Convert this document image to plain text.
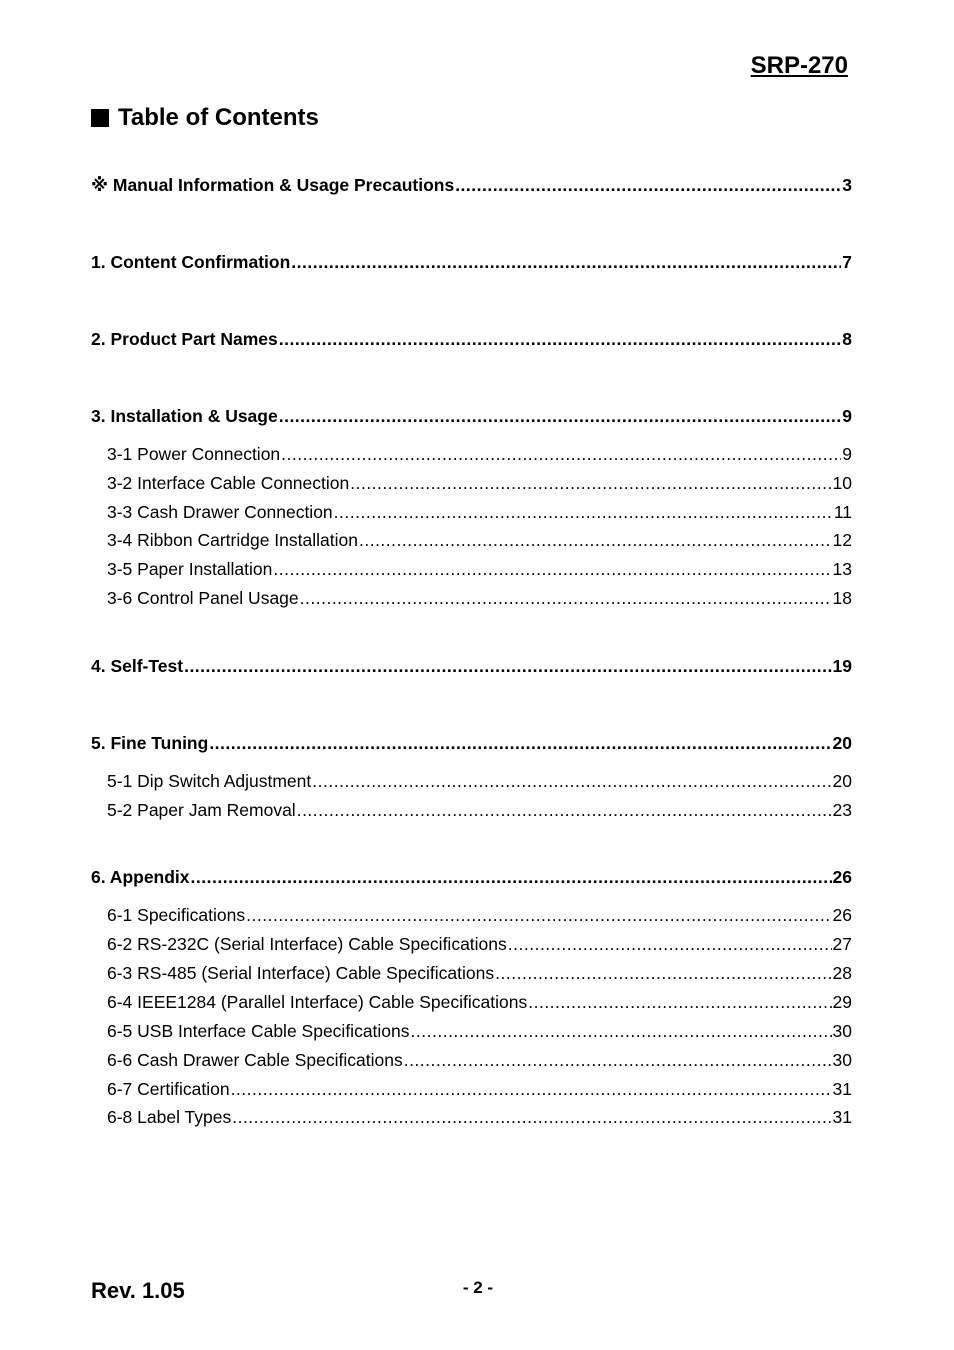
SRP-270
Table of Contents
※ Manual Information & Usage Precautions .....	3
1. Content Confirmation .....	7
2. Product Part Names .....	8
3. Installation & Usage .....	9
3-1 Power Connection .....	9
3-2 Interface Cable Connection .....	10
3-3 Cash Drawer Connection .....	11
3-4 Ribbon Cartridge Installation .....	12
3-5 Paper Installation .....	13
3-6 Control Panel Usage .....	18
4. Self-Test .....	19
5. Fine Tuning .....	20
5-1 Dip Switch Adjustment .....	20
5-2 Paper Jam Removal .....	23
6. Appendix .....	26
6-1 Specifications .....	26
6-2 RS-232C (Serial Interface) Cable Specifications .....	27
6-3 RS-485 (Serial Interface) Cable Specifications .....	28
6-4 IEEE1284 (Parallel Interface) Cable Specifications .....	29
6-5 USB Interface Cable Specifications .....	30
6-6 Cash Drawer Cable Specifications .....	30
6-7 Certification .....	31
6-8 Label Types .....	31
Rev. 1.05	- 2 -
